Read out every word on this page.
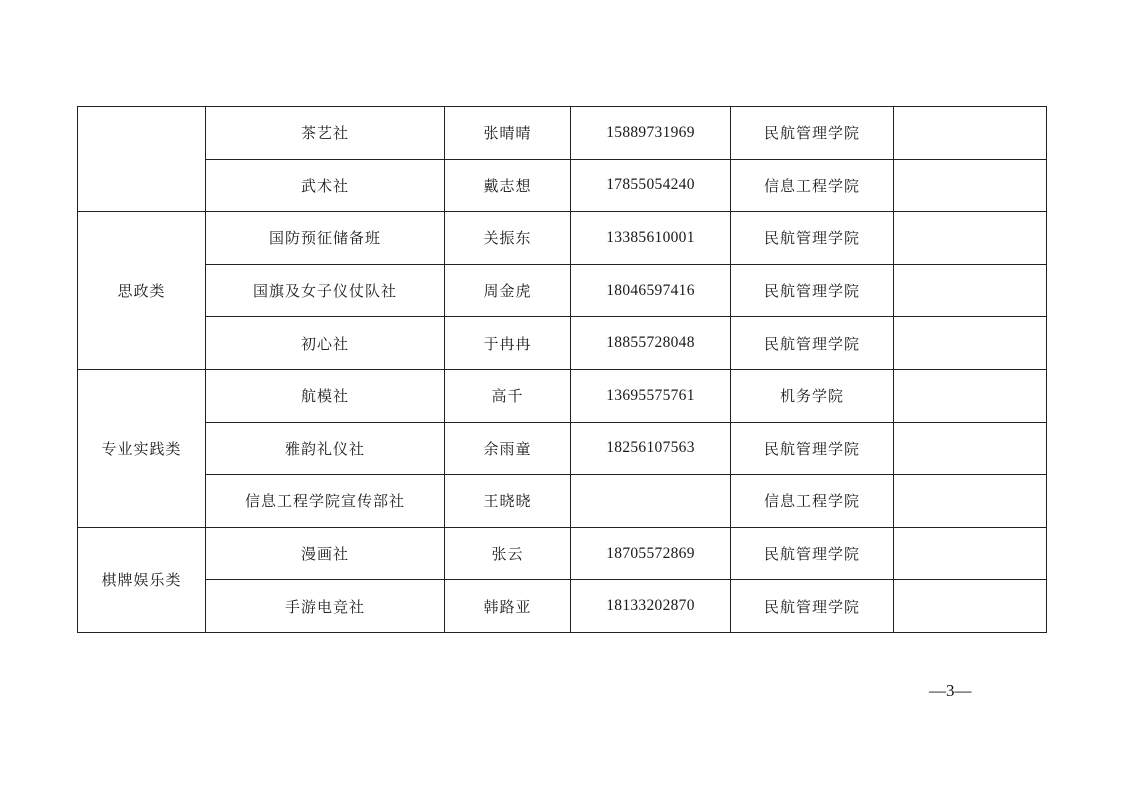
	茶艺社	张晴晴	15889731969	民航管理学院	
	武术社	戴志想	17855054240	信息工程学院	
思政类	国防预征储备班	关振东	13385610001	民航管理学院	
	国旗及女子仪仗队社	周金虎	18046597416	民航管理学院	
	初心社	于冉冉	18855728048	民航管理学院	
专业实践类	航模社	高千	13695575761	机务学院	
	雅韵礼仪社	余雨童	18256107563	民航管理学院	
	信息工程学院宣传部社	王晓晓		信息工程学院	
棋牌娱乐类	漫画社	张云	18705572869	民航管理学院	
	手游电竞社	韩路亚	18133202870	民航管理学院	
—3—
